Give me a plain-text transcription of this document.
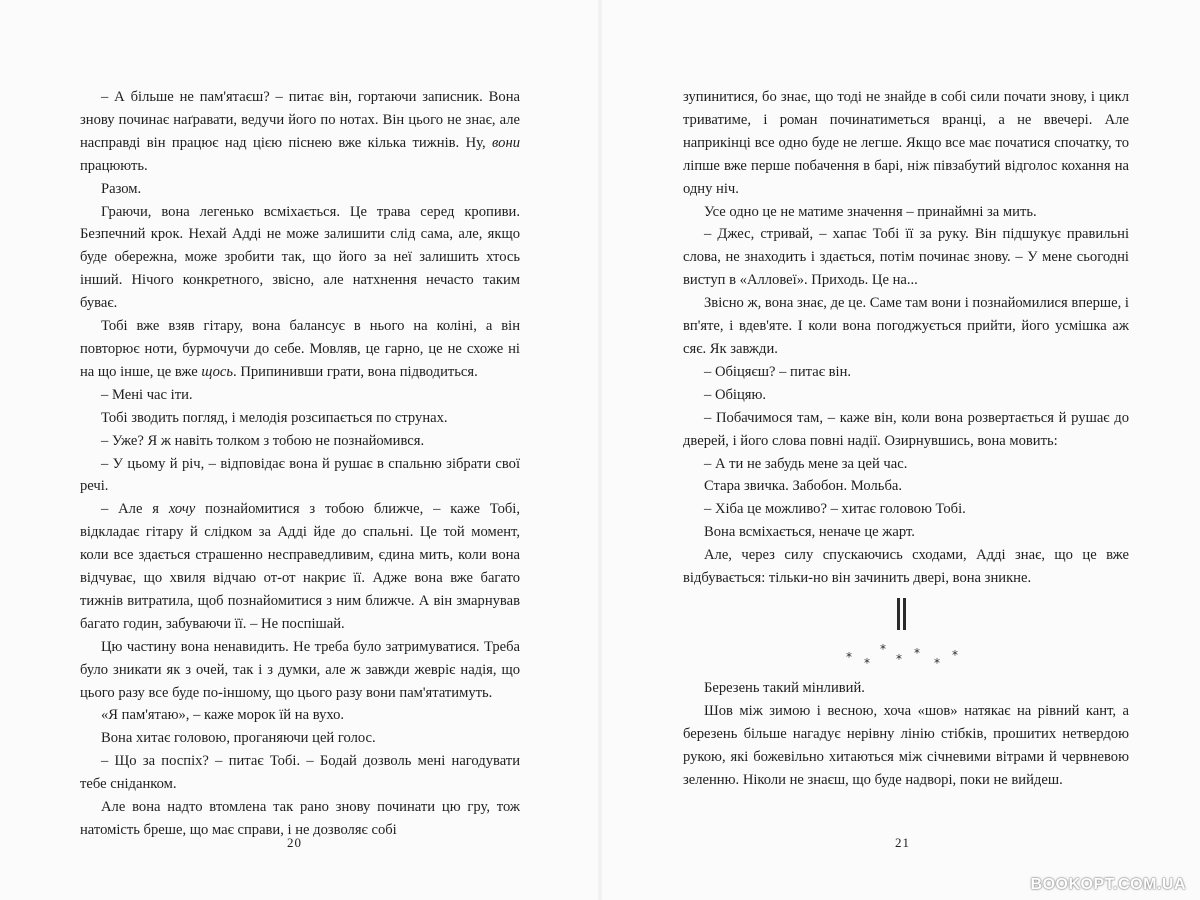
– А більше не пам'ятаєш? – питає він, гортаючи записник. Вона знову починає наґравати, ведучи його по нотах. Він цього не знає, але насправді він працює над цією піснею вже кілька тижнів. Ну, вони працюють.

Разом.

Граючи, вона легенько всміхається. Це трава серед кропиви. Безпечний крок. Нехай Адді не може залишити слід сама, але, якщо буде обережна, може зробити так, що його за неї залишить хтось інший. Нічого конкретного, звісно, але натхнення нечасто таким буває.

Тобі вже взяв гітару, вона балансує в нього на коліні, а він повторює ноти, бурмочучи до себе. Мовляв, це гарно, це не схоже ні на що інше, це вже щось. Припинивши грати, вона підводиться.

– Мені час іти.

Тобі зводить погляд, і мелодія розсипається по струнах.

– Уже? Я ж навіть толком з тобою не познайомився.

– У цьому й річ, – відповідає вона й рушає в спальню зібрати свої речі.

– Але я хочу познайомитися з тобою ближче, – каже Тобі, відкладає гітару й слідком за Адді йде до спальні. Це той момент, коли все здається страшенно несправедливим, єдина мить, коли вона відчуває, що хвиля відчаю от-от накриє її. Адже вона вже багато тижнів витратила, щоб познайомитися з ним ближче. А він змарнував багато годин, забуваючи її. – Не поспішай.

Цю частину вона ненавидить. Не треба було затримуватися. Треба було зникати як з очей, так і з думки, але ж завжди жевріє надія, що цього разу все буде по-іншому, що цього разу вони пам'ятатимуть.

«Я пам'ятаю», – каже морок їй на вухо.

Вона хитає головою, проганяючи цей голос.

– Що за поспіх? – питає Тобі. – Бодай дозволь мені нагодувати тебе сніданком.

Але вона надто втомлена так рано знову починати цю гру, тож натомість бреше, що має справи, і не дозволяє собі

20

зупинитися, бо знає, що тоді не знайде в собі сили почати знову, і цикл триватиме, і роман починатиметься вранці, а не ввечері. Але наприкінці все одно буде не легше. Якщо все має початися спочатку, то ліпше вже перше побачення в барі, ніж півзабутий відголос кохання на одну ніч.

Усе одно це не матиме значення – принаймні за мить.

– Джес, стривай, – хапає Тобі її за руку. Він підшукує правильні слова, не знаходить і здається, потім починає знову. – У мене сьогодні виступ в «Алловеї». Приходь. Це на...

Звісно ж, вона знає, де це. Саме там вони і познайомилися вперше, і вп'яте, і вдев'яте. І коли вона погоджується прийти, його усмішка аж сяє. Як завжди.

– Обіцяєш? – питає він.

– Обіцяю.

– Побачимося там, – каже він, коли вона розвертається й рушає до дверей, і його слова повні надії. Озирнувшись, вона мовить:

– А ти не забудь мене за цей час.

Стара звичка. Забобон. Мольба.

– Хіба це можливо? – хитає головою Тобі.

Вона всміхається, неначе це жарт.

Але, через силу спускаючись сходами, Адді знає, що це вже відбувається: тільки-но він зачинить двері, вона зникне.

Березень такий мінливий.

Шов між зимою і весною, хоча «шов» натякає на рівний кант, а березень більше нагадує нерівну лінію стібків, прошитих нетвердою рукою, які божевільно хитаються між січневими вітрами й червневою зеленню. Ніколи не знаєш, що буде надворі, поки не вийдеш.

* *
*
* *
*
*
21
BOOKOPT.COM.UA
